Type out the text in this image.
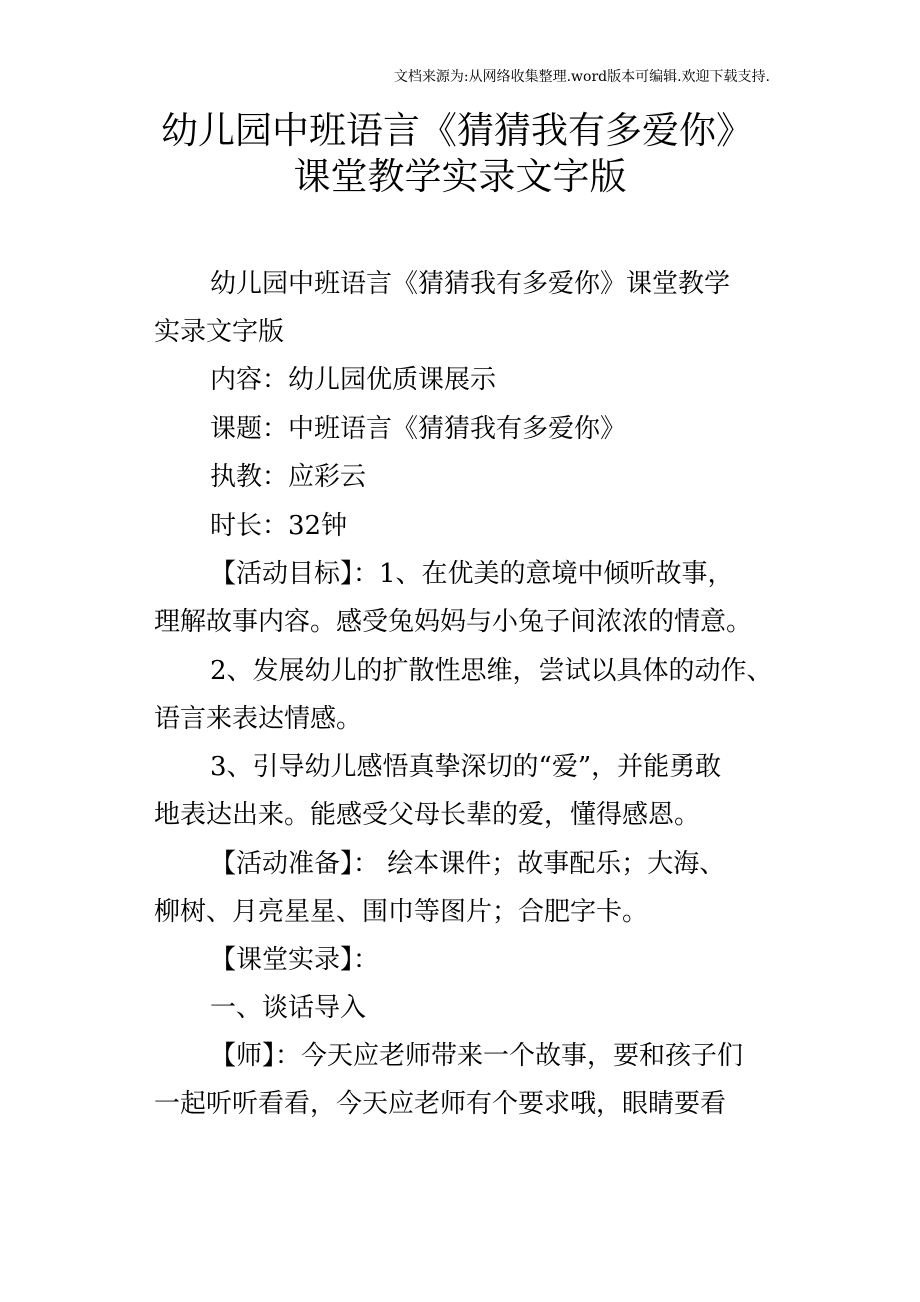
文档来源为:从网络收集整理.word版本可编辑.欢迎下载支持.
幼儿园中班语言《猜猜我有多爱你》
课堂教学实录文字版
幼儿园中班语言《猜猜我有多爱你》课堂教学
实录文字版
内容：幼儿园优质课展示
课题：中班语言《猜猜我有多爱你》
执教：应彩云
时长：32钟
【活动目标】：1、在优美的意境中倾听故事，
理解故事内容。感受兔妈妈与小兔子间浓浓的情意。
2、发展幼儿的扩散性思维，尝试以具体的动作、
语言来表达情感。
3、引导幼儿感悟真挚深切的“爱”，并能勇敢
地表达出来。能感受父母长辈的爱，懂得感恩。
【活动准备】： 绘本课件；故事配乐；大海、
柳树、月亮星星、围巾等图片；合肥字卡。
【课堂实录】：
一、谈话导入
【师】：今天应老师带来一个故事，要和孩子们
一起听听看看，今天应老师有个要求哦，眼睛要看
